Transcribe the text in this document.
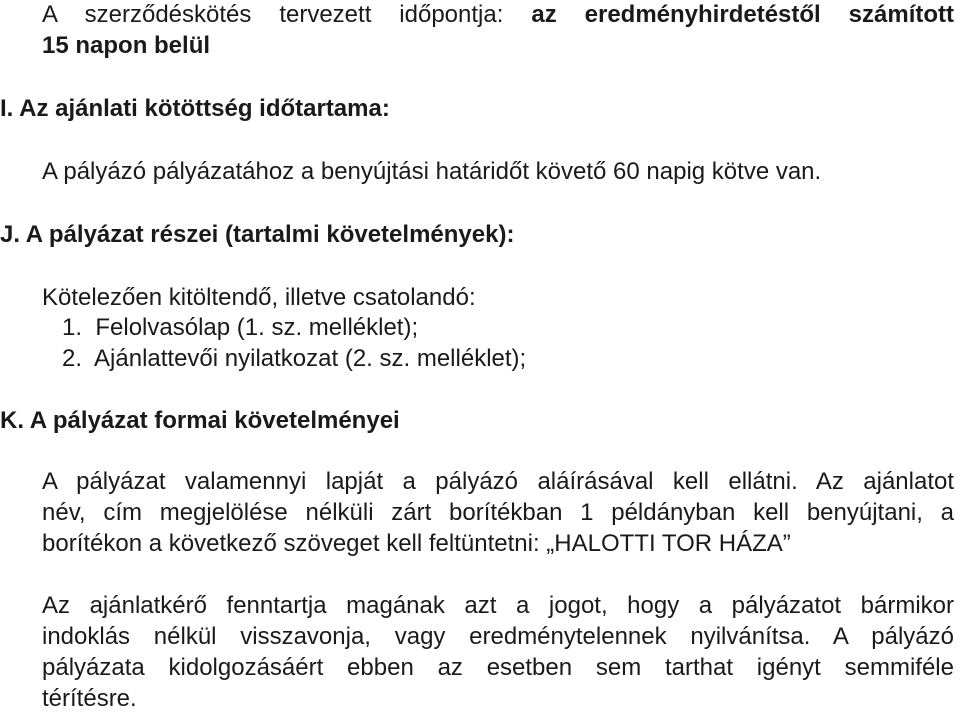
A szerződéskötés tervezett időpontja: az eredményhirdetéstől számított
15 napon belül
I. Az ajánlati kötöttség időtartama:
A pályázó pályázatához a benyújtási határidőt követő 60 napig kötve van.
J. A pályázat részei (tartalmi követelmények):
Kötelezően kitöltendő, illetve csatolandó:
1.  Felolvasólap (1. sz. melléklet);
2.  Ajánlattevői nyilatkozat (2. sz. melléklet);
K. A pályázat formai követelményei
A pályázat valamennyi lapját a pályázó aláírásával kell ellátni. Az ajánlatot
név, cím megjelölése nélküli zárt borítékban 1 példányban kell benyújtani, a
borítékon a következő szöveget kell feltüntetni: „HALOTTI TOR HÁZA”
Az ajánlatkérő fenntartja magának azt a jogot, hogy a pályázatot bármikor
indoklás nélkül visszavonja, vagy eredménytelennek nyilvánítsa. A pályázó
pályázata kidolgozásáért ebben az esetben sem tarthat igényt semmiféle
térítésre.
